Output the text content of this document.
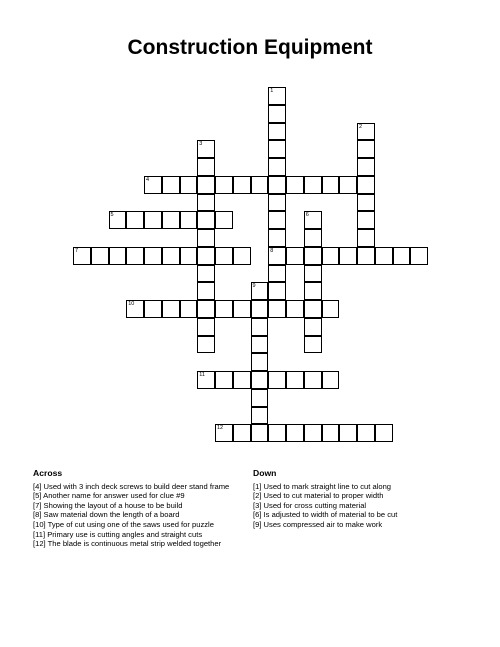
Construction Equipment
1
2
3
4
5	6
7	8
9
10
11
12
Across
[4] Used with 3 inch deck screws to build deer stand frame
[5] Another name for answer used for clue #9
[7] Showing the layout of a house to be build
[8] Saw material down the length of a board
[10] Type of cut using one of the saws used for puzzle
[11] Primary use is cutting angles and straight cuts
[12] The blade is continuous metal strip welded together
Down
[1] Used to mark straight line to cut along
[2] Used to cut material to proper width
[3] Used for cross cutting material
[6] Is adjusted to width of material to be cut
[9] Uses compressed air to make work
